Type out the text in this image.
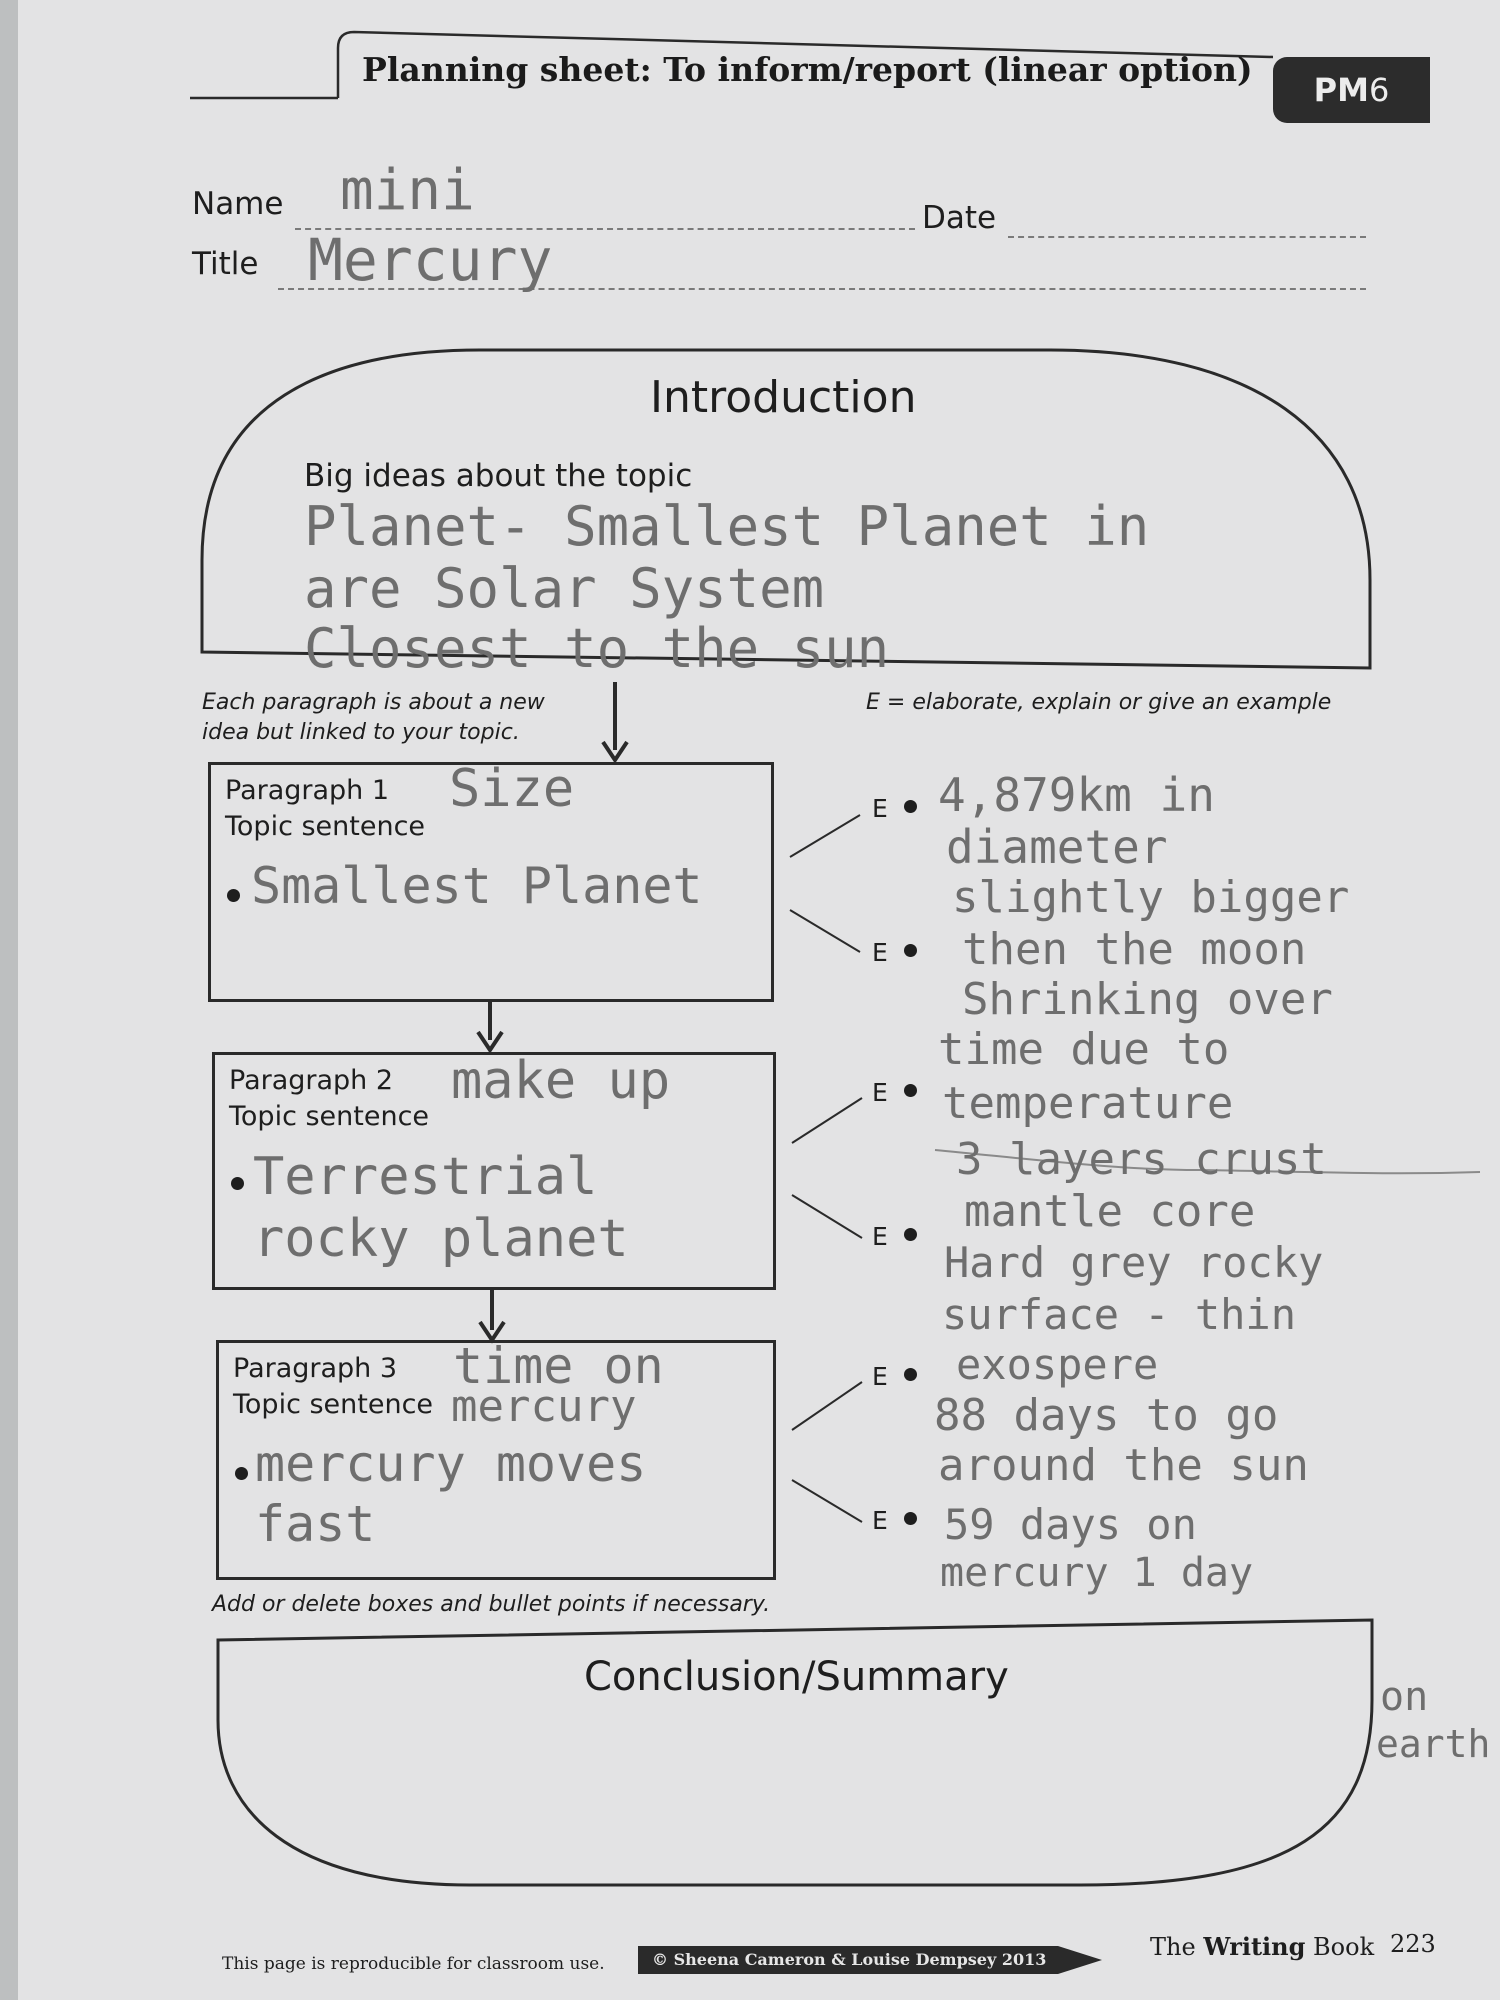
Planning sheet: To inform/report (linear option)
PM 6
Name mini	Date
Title Mercury
Introduction
Big ideas about the topic
Planet- Smallest Planet in
are Solar System
Closest to the sun
Each paragraph is about a new
idea but linked to your topic.
E = elaborate, explain or give an example
Paragraph 1 Size
Topic sentence
Smallest Planet
Paragraph 2 make up
Topic sentence
Terrestrial
rocky planet
Paragraph 3 time on
Topic sentence mercury
mercury moves
fast
E
E
E
E
E
E
4,879km in
diameter
slightly bigger
then the moon
Shrinking over
time due to
temperature
3 layers crust
mantle core
Hard grey rocky
surface - thin
exospere
88 days to go
around the sun
59 days on
mercury 1 day
on
earth
Add or delete boxes and bullet points if necessary.
Conclusion/Summary
This page is reproducible for classroom use.	© Sheena Cameron & Louise Dempsey 2013	The Writing Book 223
